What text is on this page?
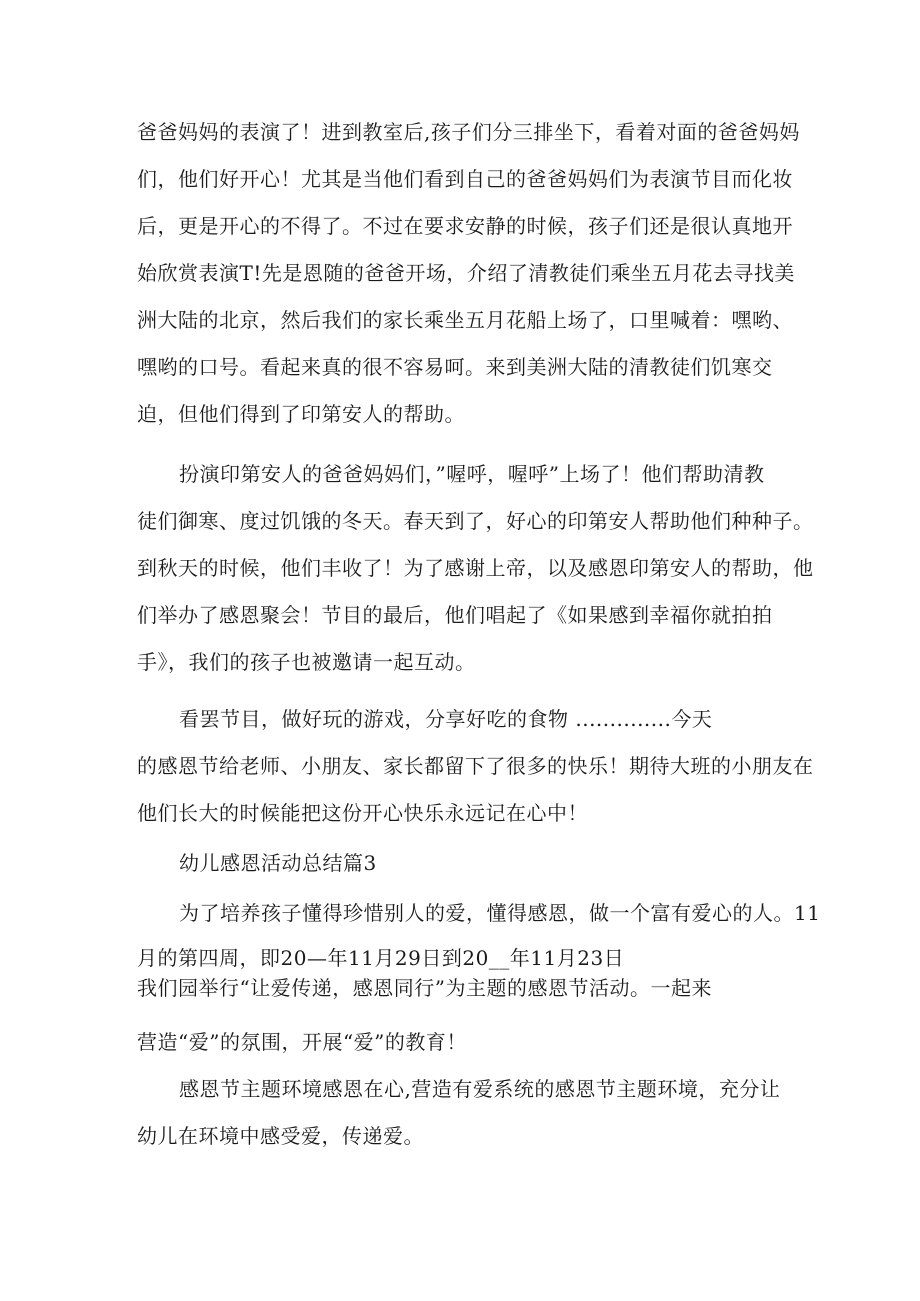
爸爸妈妈的表演了！进到教室后,孩子们分三排坐下，看着对面的爸爸妈妈
们，他们好开心！尤其是当他们看到自己的爸爸妈妈们为表演节目而化妆
后，更是开心的不得了。不过在要求安静的时候，孩子们还是很认真地开
始欣赏表演T!先是恩随的爸爸开场，介绍了清教徒们乘坐五月花去寻找美
洲大陆的北京，然后我们的家长乘坐五月花船上场了，口里喊着：嘿哟、
嘿哟的口号。看起来真的很不容易呵。来到美洲大陆的清教徒们饥寒交
迫，但他们得到了印第安人的帮助。
扮演印第安人的爸爸妈妈们，”喔呼，喔呼”上场了！他们帮助清教
徒们御寒、度过饥饿的冬天。春天到了，好心的印第安人帮助他们种种子。
到秋天的时候，他们丰收了！为了感谢上帝，以及感恩印第安人的帮助，他
们举办了感恩聚会！节目的最后，他们唱起了《如果感到幸福你就拍拍
手》，我们的孩子也被邀请一起互动。
看罢节目，做好玩的游戏，分享好吃的食物 ..............今天
的感恩节给老师、小朋友、家长都留下了很多的快乐！期待大班的小朋友在
他们长大的时候能把这份开心快乐永远记在心中！
幼儿感恩活动总结篇3
为了培养孩子懂得珍惜别人的爱，懂得感恩，做一个富有爱心的人。11
月的第四周，即20—年11月29日到20__年11月23日
我们园举行“让爱传递，感恩同行”为主题的感恩节活动。一起来
营造“爱”的氛围，开展“爱”的教育！
感恩节主题环境感恩在心,营造有爱系统的感恩节主题环境，充分让
幼儿在环境中感受爱，传递爱。
